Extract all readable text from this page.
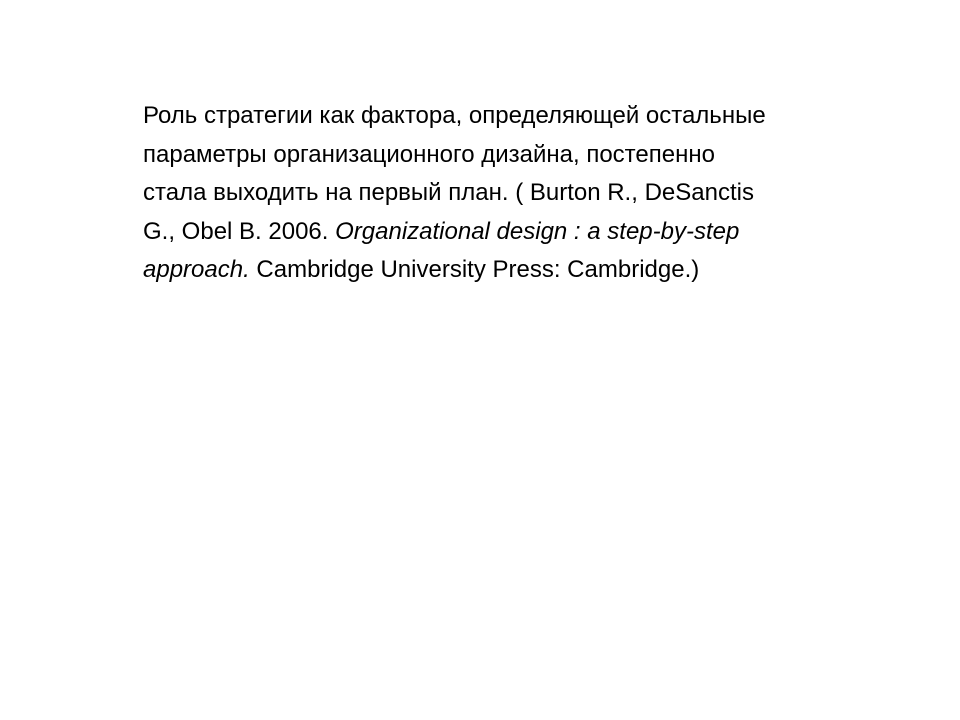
Роль стратегии как фактора, определяющей остальные
параметры организационного дизайна, постепенно
стала выходить на первый план. ( Burton R., DeSanctis
G., Obel B. 2006. Organizational design : a step-by-step
approach. Cambridge University Press: Cambridge.)
